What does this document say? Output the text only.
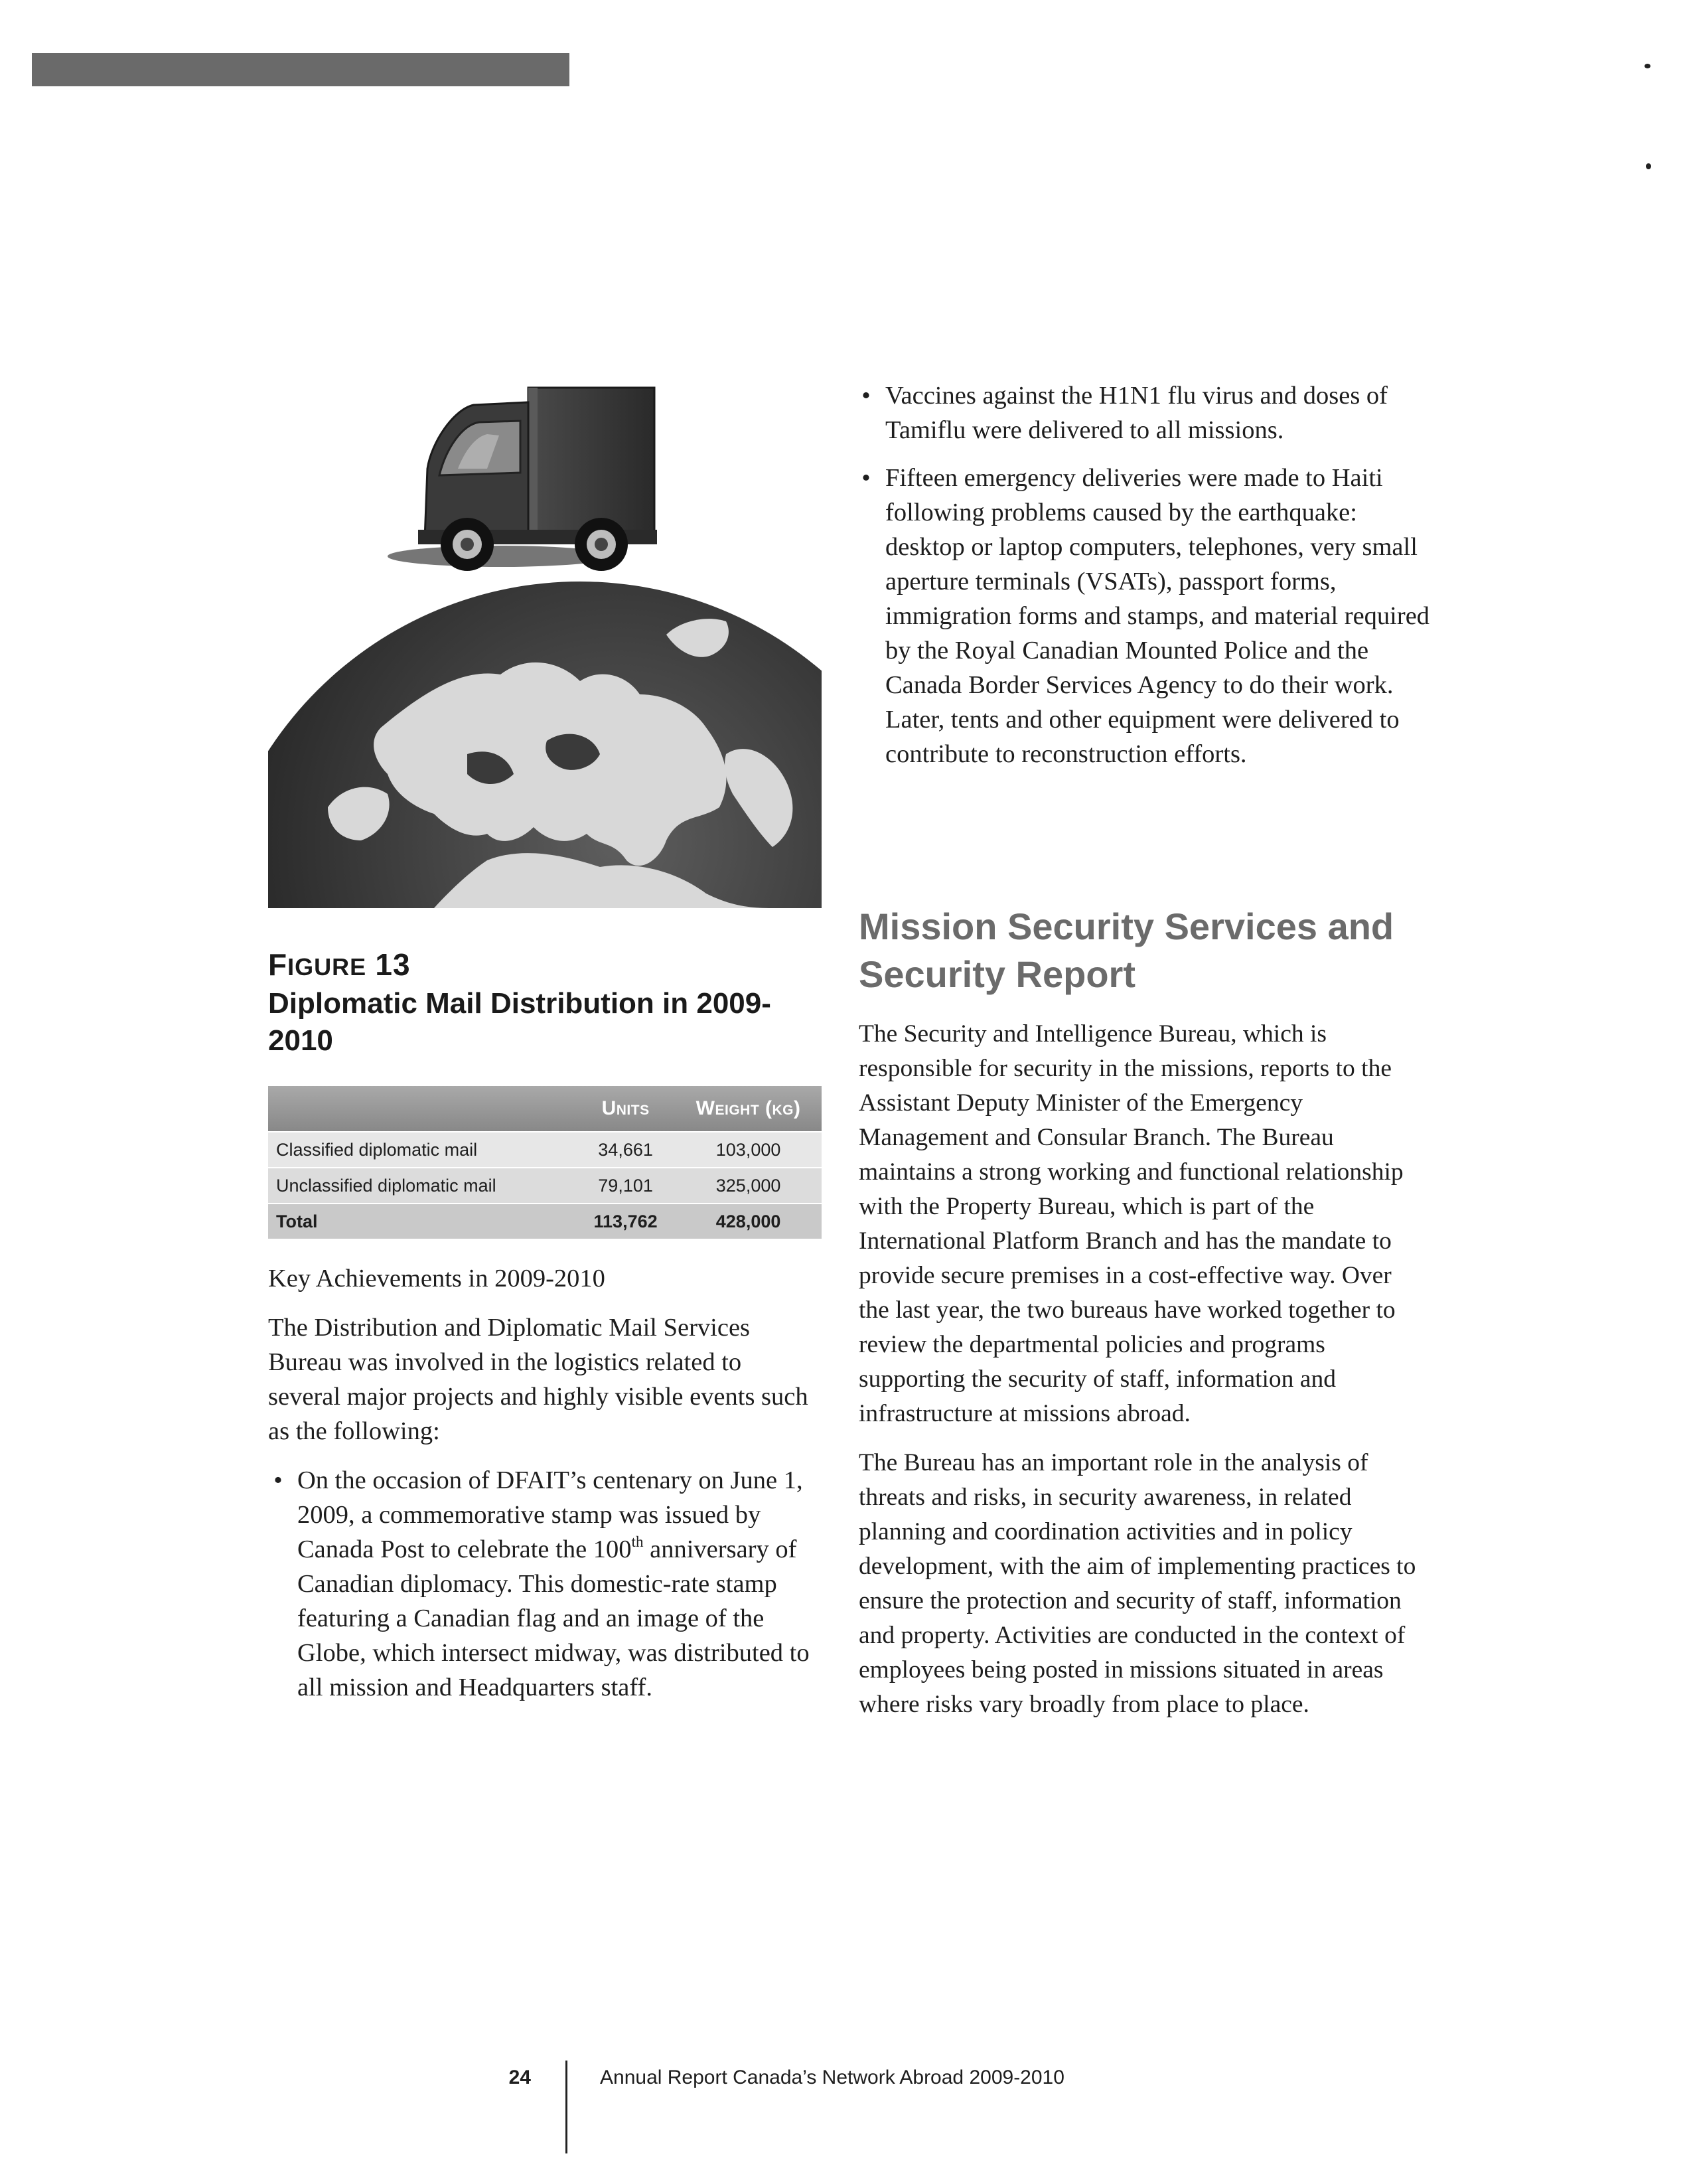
FIGURE 13
Diplomatic Mail Distribution in 2009-2010
	Units	Weight (kg)
Classified diplomatic mail	34,661	103,000
Unclassified diplomatic mail	79,101	325,000
Total	113,762	428,000

Key Achievements in 2009-2010

The Distribution and Diplomatic Mail Services Bureau was involved in the logistics related to several major projects and highly visible events such as the following:

• On the occasion of DFAIT’s centenary on June 1, 2009, a commemorative stamp was issued by Canada Post to celebrate the 100th anniversary of Canadian diplomacy. This domestic-rate stamp featuring a Canadian flag and an image of the Globe, which intersect midway, was distributed to all mission and Headquarters staff.
• Vaccines against the H1N1 flu virus and doses of Tamiflu were delivered to all missions.
• Fifteen emergency deliveries were made to Haiti following problems caused by the earthquake: desktop or laptop computers, telephones, very small aperture terminals (VSATs), passport forms, immigration forms and stamps, and material required by the Royal Canadian Mounted Police and the Canada Border Services Agency to do their work. Later, tents and other equipment were delivered to contribute to reconstruction efforts.
Mission Security Services and Security Report

The Security and Intelligence Bureau, which is responsible for security in the missions, reports to the Assistant Deputy Minister of the Emergency Management and Consular Branch. The Bureau maintains a strong working and functional relationship with the Property Bureau, which is part of the International Platform Branch and has the mandate to provide secure premises in a cost-effective way. Over the last year, the two bureaus have worked together to review the departmental policies and programs supporting the security of staff, information and infrastructure at missions abroad.

The Bureau has an important role in the analysis of threats and risks, in security awareness, in related planning and coordination activities and in policy development, with the aim of implementing practices to ensure the protection and security of staff, information and property. Activities are conducted in the context of employees being posted in missions situated in areas where risks vary broadly from place to place.

24	Annual Report Canada’s Network Abroad 2009-2010
